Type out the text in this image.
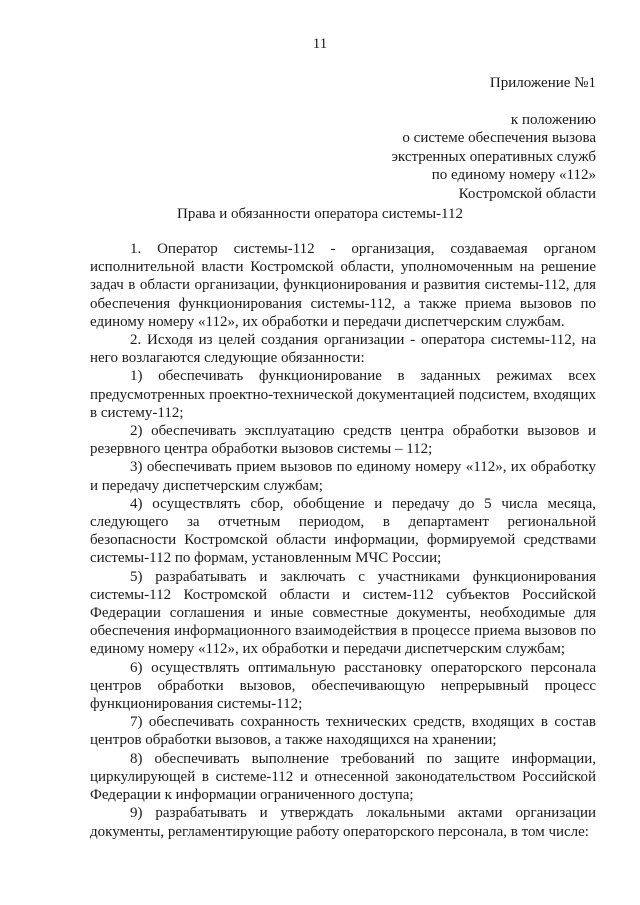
11
Приложение №1
к положению
о системе обеспечения вызова
экстренных оперативных служб
по единому номеру «112»
Костромской области
Права и обязанности оператора системы-112

1. Оператор системы-112 - организация, создаваемая органом исполнительной власти Костромской области, уполномоченным на решение задач в области организации, функционирования и развития системы-112, для обеспечения функционирования системы-112, а также приема вызовов по единому номеру «112», их обработки и передачи диспетчерским службам.

2. Исходя из целей создания организации - оператора системы-112, на него возлагаются следующие обязанности:

1) обеспечивать функционирование в заданных режимах всех предусмотренных проектно-технической документацией подсистем, входящих в систему-112;

2) обеспечивать эксплуатацию средств центра обработки вызовов и резервного центра обработки вызовов системы – 112;

3) обеспечивать прием вызовов по единому номеру «112», их обработку и передачу диспетчерским службам;

4) осуществлять сбор, обобщение и передачу до 5 числа месяца, следующего за отчетным периодом, в департамент региональной безопасности Костромской области информации, формируемой средствами системы-112 по формам, установленным МЧС России;

5) разрабатывать и заключать с участниками функционирования системы-112 Костромской области и систем-112 субъектов Российской Федерации соглашения и иные совместные документы, необходимые для обеспечения информационного взаимодействия в процессе приема вызовов по единому номеру «112», их обработки и передачи диспетчерским службам;

6) осуществлять оптимальную расстановку операторского персонала центров обработки вызовов, обеспечивающую непрерывный процесс функционирования системы-112;

7) обеспечивать сохранность технических средств, входящих в состав центров обработки вызовов, а также находящихся на хранении;

8) обеспечивать выполнение требований по защите информации, циркулирующей в системе-112 и отнесенной законодательством Российской Федерации к информации ограниченного доступа;

9) разрабатывать и утверждать локальными актами организации документы, регламентирующие работу операторского персонала, в том числе:
